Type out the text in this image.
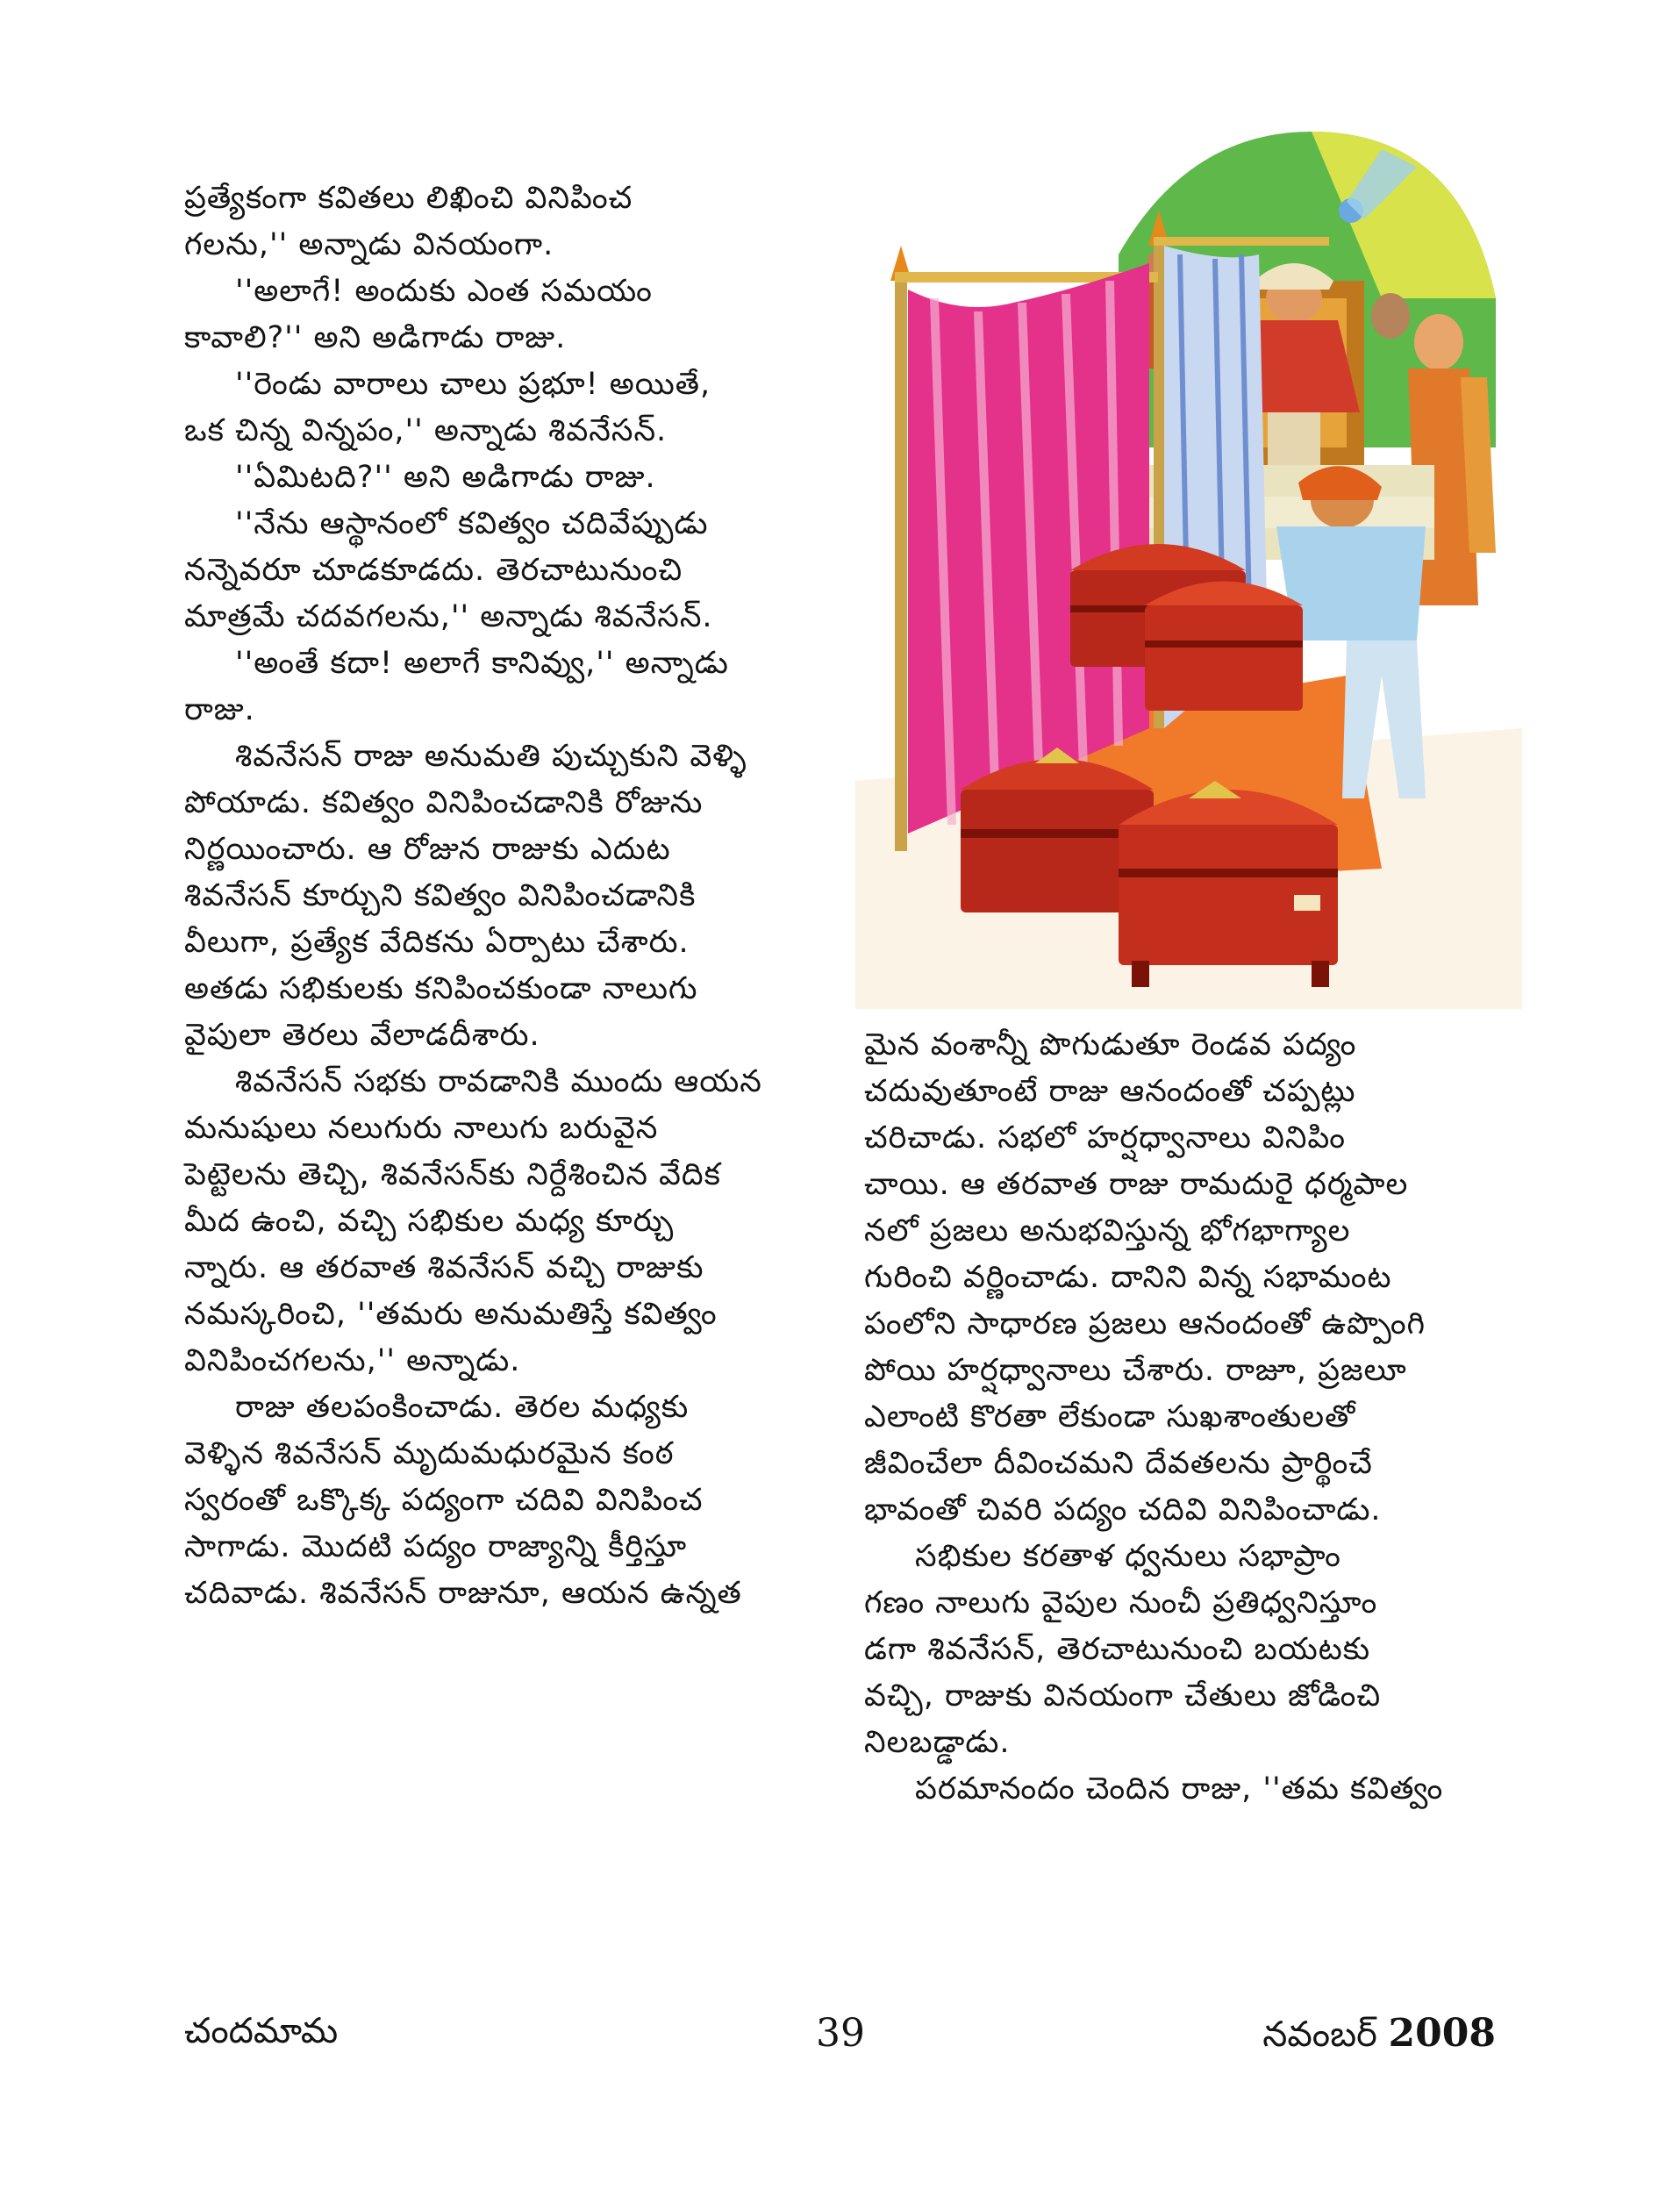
ప్రత్యేకంగా కవితలు లిఖించి వినిపించ

గలను,'' అన్నాడు వినయంగా.

''అలాగే! అందుకు ఎంత సమయం

కావాలి?'' అని అడిగాడు రాజు.

''రెండు వారాలు చాలు ప్రభూ! అయితే,

ఒక చిన్న విన్నపం,'' అన్నాడు శివనేసన్.

''ఏమిటది?'' అని అడిగాడు రాజు.

''నేను ఆస్థానంలో కవిత్వం చదివేప్పుడు

నన్నెవరూ చూడకూడదు. తెరచాటునుంచి

మాత్రమే చదవగలను,'' అన్నాడు శివనేసన్.

''అంతే కదా! అలాగే కానివ్వు,'' అన్నాడు

రాజు.

శివనేసన్ రాజు అనుమతి పుచ్చుకుని వెళ్ళి

పోయాడు. కవిత్వం వినిపించడానికి రోజును

నిర్ణయించారు. ఆ రోజున రాజుకు ఎదుట

శివనేసన్ కూర్చుని కవిత్వం వినిపించడానికి

వీలుగా, ప్రత్యేక వేదికను ఏర్పాటు చేశారు.

అతడు సభికులకు కనిపించకుండా నాలుగు

వైపులా తెరలు వేలాడదీశారు.

శివనేసన్ సభకు రావడానికి ముందు ఆయన

మనుషులు నలుగురు నాలుగు బరువైన

పెట్టెలను తెచ్చి, శివనేసన్‌కు నిర్దేశించిన వేదిక

మీద ఉంచి, వచ్చి సభికుల మధ్య కూర్చు

న్నారు. ఆ తరవాత శివనేసన్ వచ్చి రాజుకు

నమస్కరించి, ''తమరు అనుమతిస్తే కవిత్వం

వినిపించగలను,'' అన్నాడు.

రాజు తలపంకించాడు. తెరల మధ్యకు

వెళ్ళిన శివనేసన్ మృదుమధురమైన కంఠ

స్వరంతో ఒక్కొక్క పద్యంగా చదివి వినిపించ

సాగాడు. మొదటి పద్యం రాజ్యాన్ని కీర్తిస్తూ

చదివాడు. శివనేసన్ రాజునూ, ఆయన ఉన్నత

మైన వంశాన్నీ పొగుడుతూ రెండవ పద్యం

చదువుతూంటే రాజు ఆనందంతో చప్పట్లు

చరిచాడు. సభలో హర్షధ్వానాలు వినిపిం

చాయి. ఆ తరవాత రాజు రామదురై ధర్మపాల

నలో ప్రజలు అనుభవిస్తున్న భోగభాగ్యాల

గురించి వర్ణించాడు. దానిని విన్న సభామంట

పంలోని సాధారణ ప్రజలు ఆనందంతో ఉప్పొంగి

పోయి హర్షధ్వానాలు చేశారు. రాజూ, ప్రజలూ

ఎలాంటి కొరతా లేకుండా సుఖశాంతులతో

జీవించేలా దీవించమని దేవతలను ప్రార్థించే

భావంతో చివరి పద్యం చదివి వినిపించాడు.

సభికుల కరతాళ ధ్వనులు సభాప్రాం

గణం నాలుగు వైపుల నుంచీ ప్రతిధ్వనిస్తూం

డగా శివనేసన్, తెరచాటునుంచి బయటకు

వచ్చి, రాజుకు వినయంగా చేతులు జోడించి

నిలబడ్డాడు.

పరమానందం చెందిన రాజు, ''తమ కవిత్వం

చందమామ	39	నవంబర్ 2008
